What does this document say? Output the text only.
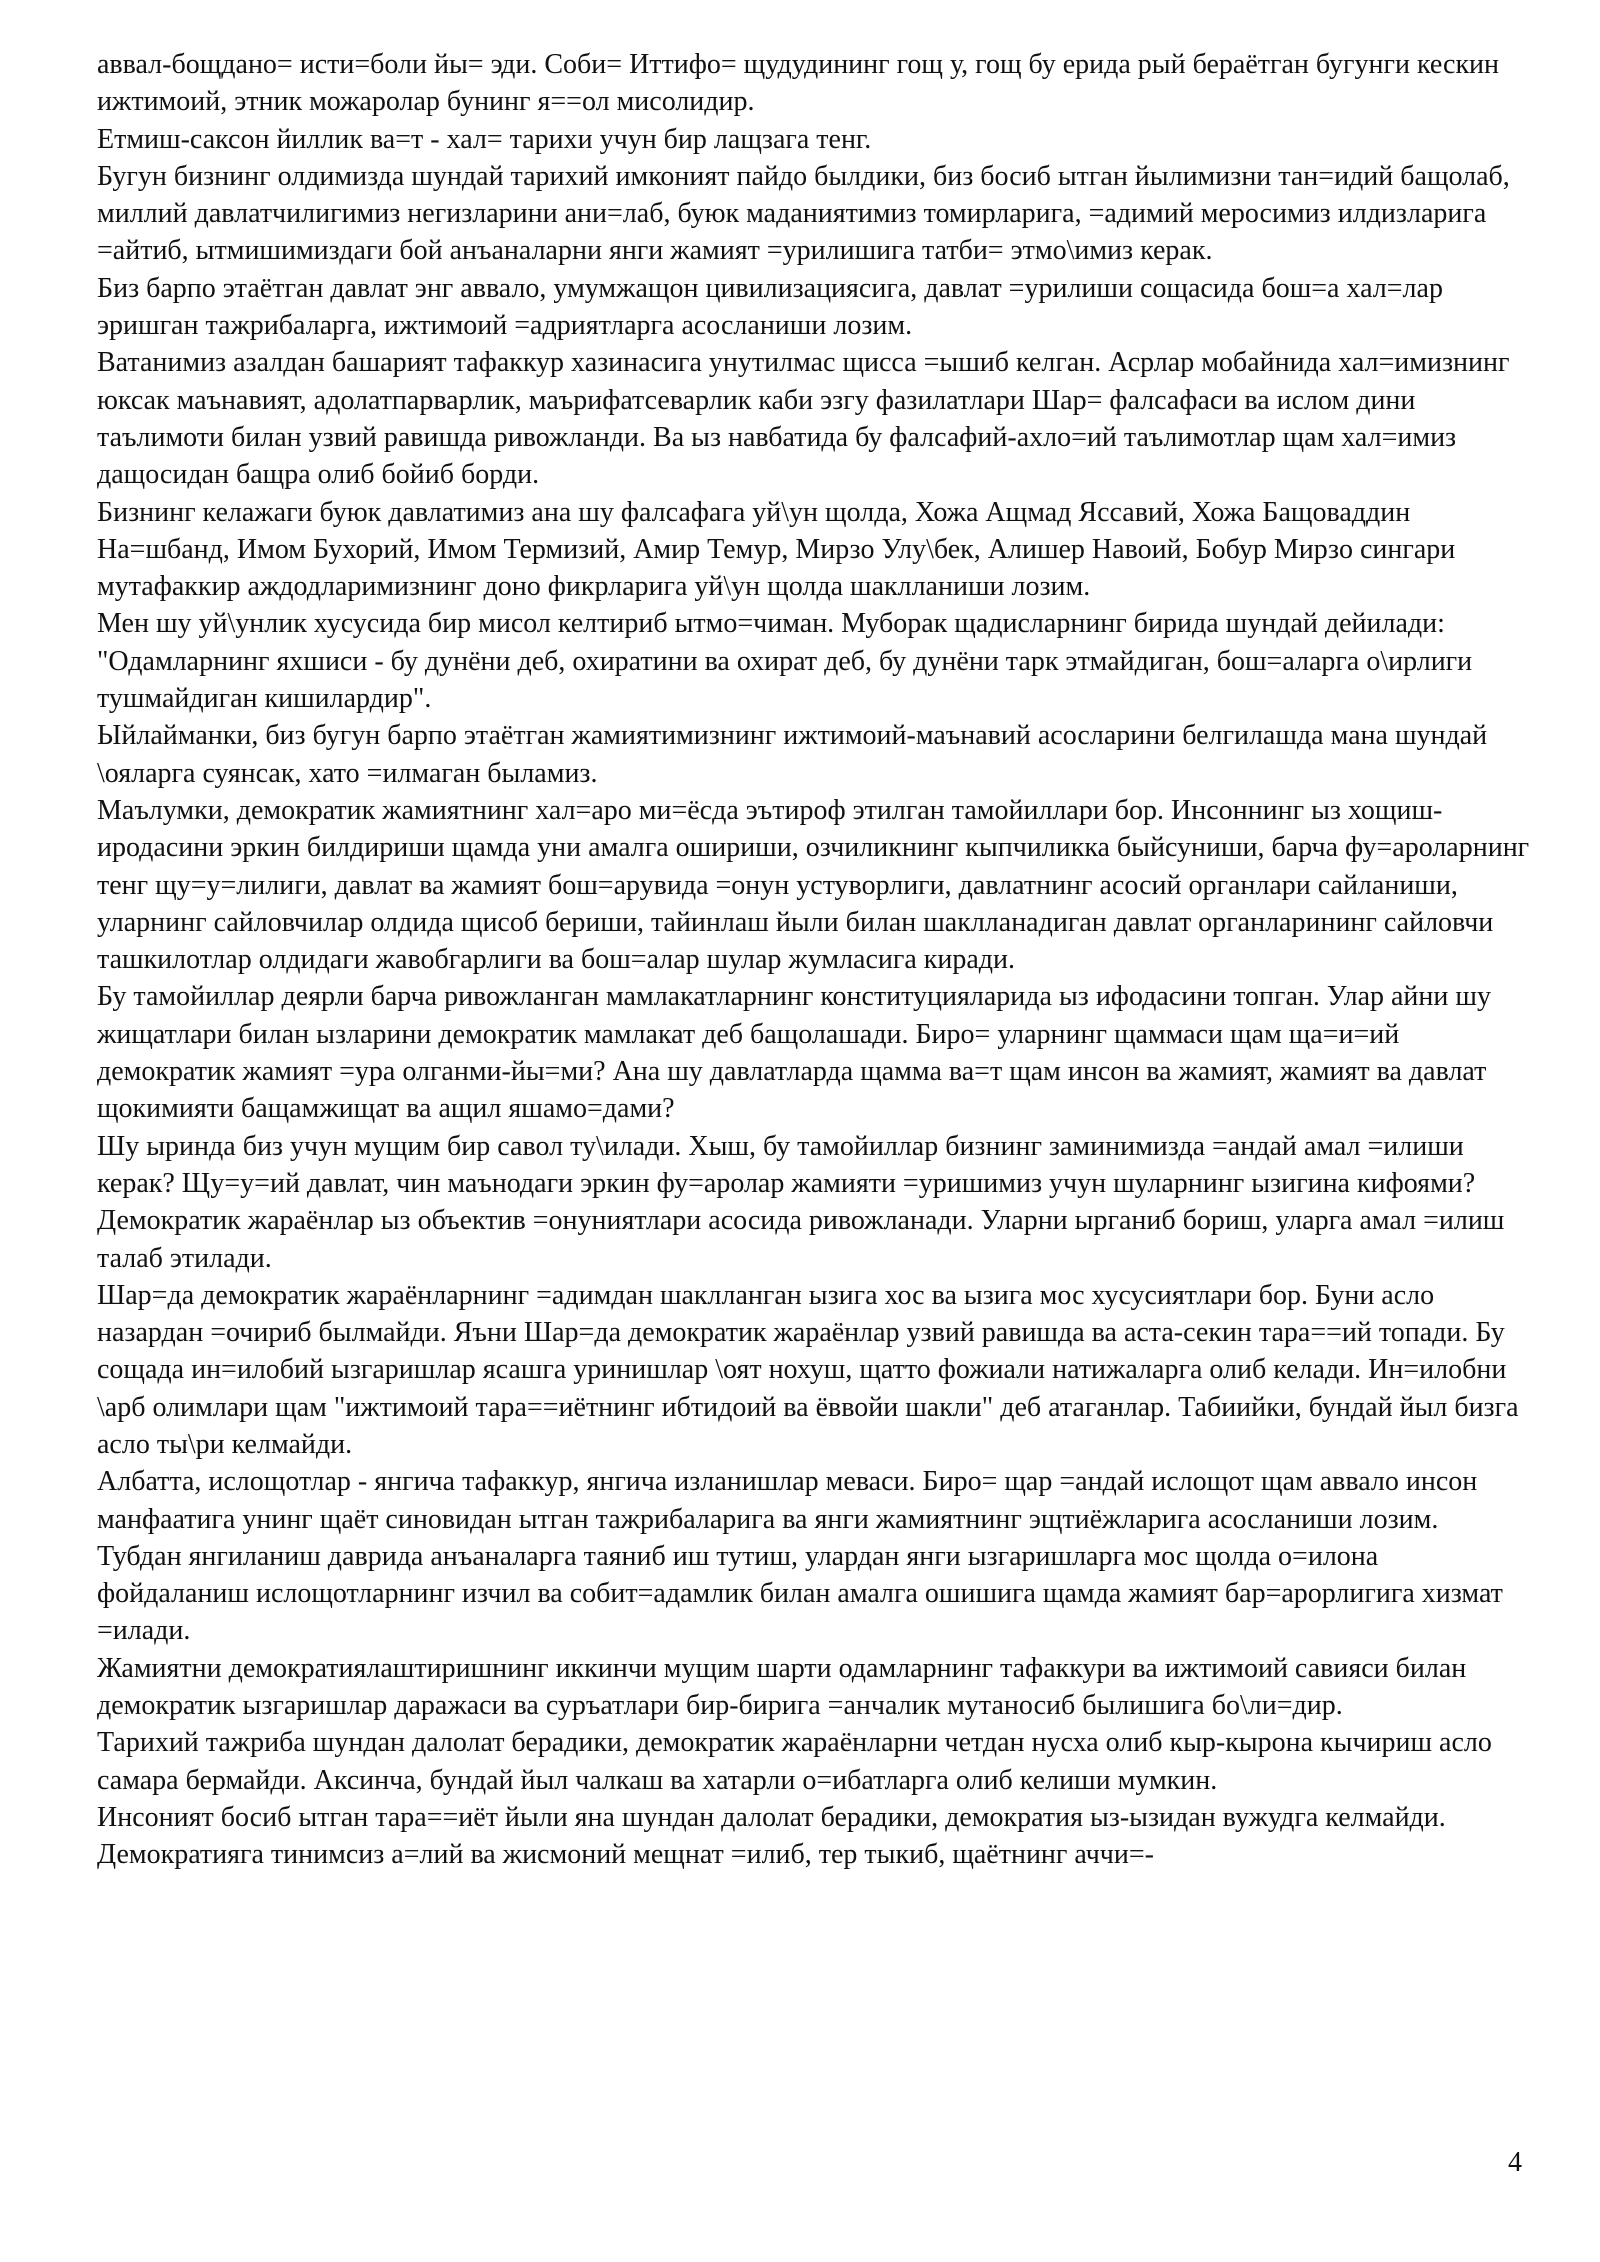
аввал-бощдано= исти=боли йы= эди. Соби= Иттифо= щудудининг гощ у, гощ бу ерида рый бераётган бугунги кескин ижтимоий, этник можаролар бунинг я==ол мисолидир.

Етмиш-саксон йиллик ва=т - хал= тарихи учун бир лащзага тенг.

Бугун бизнинг олдимизда шундай тарихий имконият пайдо былдики, биз босиб ытган йылимизни тан=идий бащолаб, миллий давлатчилигимиз негизларини ани=лаб, буюк маданиятимиз томирларига, =адимий меросимиз илдизларига =айтиб, ытмишимиздаги бой анъаналарни янги жамият =урилишига татби= этмо\имиз керак.

Биз барпо этаётган давлат энг аввало, умумжащон цивилизациясига, давлат =урилиши сощасида бош=а хал=лар эришган тажрибаларга, ижтимоий =адриятларга асосланиши лозим.

Ватанимиз азалдан башарият тафаккур хазинасига унутилмас щисса =ышиб келган. Асрлар мобайнида хал=имизнинг юксак маънавият, адолатпарварлик, маърифатсеварлик каби эзгу фазилатлари Шар= фалсафаси ва ислом дини таълимоти билан узвий равишда ривожланди. Ва ыз навбатида бу фалсафий-ахло=ий таълимотлар щам хал=имиз дащосидан бащра олиб бойиб борди.

Бизнинг келажаги буюк давлатимиз ана шу фалсафага уй\ун щолда, Хожа Ащмад Яссавий, Хожа Бащоваддин На=шбанд, Имом Бухорий, Имом Термизий, Амир Темур, Мирзо Улу\бек, Алишер Навоий, Бобур Мирзо сингари мутафаккир аждодларимизнинг доно фикрларига уй\ун щолда шаклланиши лозим.

Мен шу уй\унлик хусусида бир мисол келтириб ытмо=чиман. Муборак щадисларнинг бирида шундай дейилади: "Одамларнинг яхшиси - бу дунёни деб, охиратини ва охират деб, бу дунёни тарк этмайдиган, бош=аларга о\ирлиги тушмайдиган кишилардир".

Ыйлайманки, биз бугун барпо этаётган жамиятимизнинг ижтимоий-маънавий асосларини белгилашда мана шундай \ояларга суянсак, хато =илмаган быламиз.

Маълумки, демократик жамиятнинг хал=аро ми=ёсда эътироф этилган тамойиллари бор. Инсоннинг ыз хощиш-иродасини эркин билдириши щамда уни амалга ошириши, озчиликнинг кыпчиликка быйсуниши, барча фу=ароларнинг тенг щу=у=лилиги, давлат ва жамият бош=арувида =онун устуворлиги, давлатнинг асосий органлари сайланиши, уларнинг сайловчилар олдида щисоб бериши, тайинлаш йыли билан шаклланадиган давлат органларининг сайловчи ташкилотлар олдидаги жавобгарлиги ва бош=алар шулар жумласига киради.

Бу тамойиллар деярли барча ривожланган мамлакатларнинг конституцияларида ыз ифодасини топган. Улар айни шу жищатлари билан ызларини демократик мамлакат деб бащолашади. Биро= уларнинг щаммаси щам ща=и=ий демократик жамият =ура олганми-йы=ми? Ана шу давлатларда щамма ва=т щам инсон ва жамият, жамият ва давлат щокимияти бащамжищат ва ащил яшамо=дами?

Шу ыринда биз учун мущим бир савол ту\илади. Хыш, бу тамойиллар бизнинг заминимизда =андай амал =илиши керак? Щу=у=ий давлат, чин маънодаги эркин фу=аролар жамияти =уришимиз учун шуларнинг ызигина кифоями?

Демократик жараёнлар ыз объектив =онуниятлари асосида ривожланади. Уларни ырганиб бориш, уларга амал =илиш талаб этилади.

Шар=да демократик жараёнларнинг =адимдан шаклланган ызига хос ва ызига мос хусусиятлари бор. Буни асло назардан =очириб былмайди. Яъни Шар=да демократик жараёнлар узвий равишда ва аста-секин тара==ий топади. Бу сощада ин=илобий ызгаришлар ясашга уринишлар \оят нохуш, щатто фожиали натижаларга олиб келади. Ин=илобни \арб олимлари щам "ижтимоий тара==иётнинг ибтидоий ва ёввойи шакли" деб атаганлар. Табиийки, бундай йыл бизга асло ты\ри келмайди.

Албатта, ислощотлар - янгича тафаккур, янгича изланишлар меваси. Биро= щар =андай ислощот щам аввало инсон манфаатига унинг щаёт синовидан ытган тажрибаларига ва янги жамиятнинг эщтиёжларига асосланиши лозим.

Тубдан янгиланиш даврида анъаналарга таяниб иш тутиш, улардан янги ызгаришларга мос щолда о=илона фойдаланиш ислощотларнинг изчил ва собит=адамлик билан амалга ошишига щамда жамият бар=арорлигига хизмат =илади.

Жамиятни демократиялаштиришнинг иккинчи мущим шарти одамларнинг тафаккури ва ижтимоий савияси билан демократик ызгаришлар даражаси ва суръатлари бир-бирига =анчалик мутаносиб былишига бо\ли=дир.

Тарихий тажриба шундан далолат берадики, демократик жараёнларни четдан нусха олиб кыр-кырона кычириш асло самара бермайди. Аксинча, бундай йыл чалкаш ва хатарли о=ибатларга олиб келиши мумкин.

Инсоният босиб ытган тара==иёт йыли яна шундан далолат берадики, демократия ыз-ызидан вужудга келмайди. Демократияга тинимсиз а=лий ва жисмоний мещнат =илиб, тер тыкиб, щаётнинг аччи=-

4
